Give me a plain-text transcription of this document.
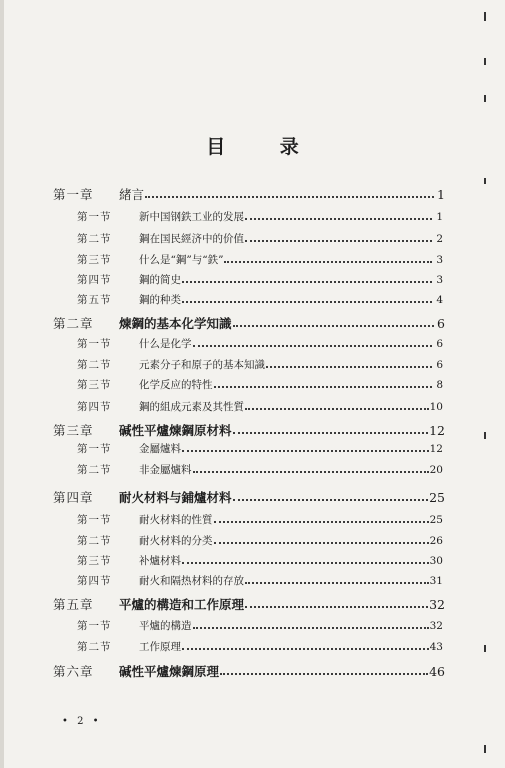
目 录
第一章	緒言	1
第一节	新中国钢鉄工业的发展	1
第二节	鋼在国民經济中的价值	2
第三节	什么是“鋼”与“鉄”	3
第四节	鋼的简史	3
第五节	鋼的种类	4
第二章	煉鋼的基本化学知識	6
第一节	什么是化学	6
第二节	元素分子和原子的基本知識	6
第三节	化学反应的特性	8
第四节	鋼的組成元素及其性質	10
第三章	碱性平爐煉鋼原材料	12
第一节	金屬爐料	12
第二节	非金屬爐料	20
第四章	耐火材料与鋪爐材料	25
第一节	耐火材料的性質	25
第二节	耐火材料的分类	26
第三节	补爐材料	30
第四节	耐火和隔热材料的存放	31
第五章	平爐的構造和工作原理	32
第一节	平爐的構造	32
第二节	工作原理	43
第六章	碱性平爐煉鋼原理	46
• 2 •
